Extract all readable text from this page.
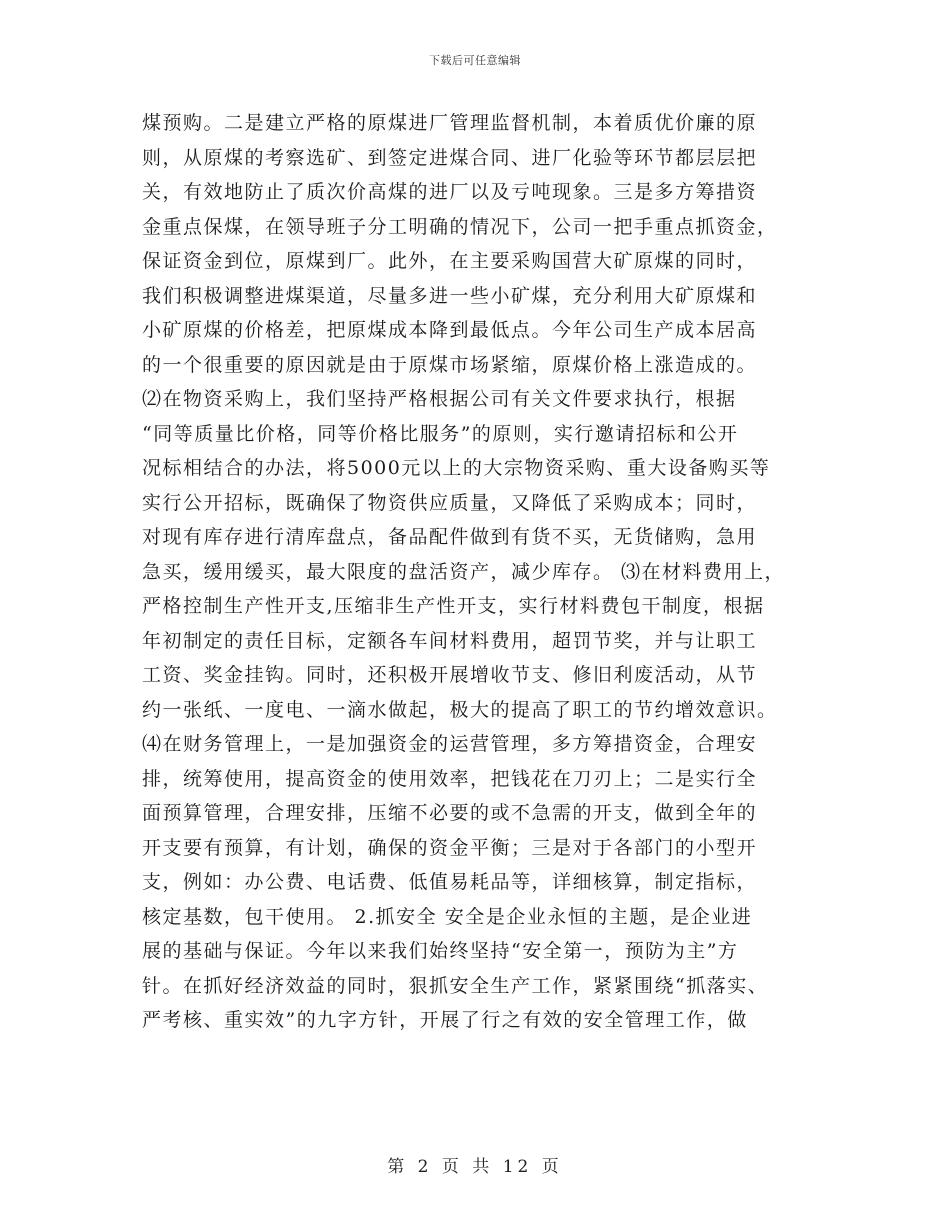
下载后可任意编辑
煤预购。二是建立严格的原煤进厂管理监督机制，本着质优价廉的原
则，从原煤的考察选矿、到签定进煤合同、进厂化验等环节都层层把
关，有效地防止了质次价高煤的进厂以及亏吨现象。三是多方筹措资
金重点保煤，在领导班子分工明确的情况下，公司一把手重点抓资金，
保证资金到位，原煤到厂。此外，在主要采购国营大矿原煤的同时，
我们积极调整进煤渠道，尽量多进一些小矿煤，充分利用大矿原煤和
小矿原煤的价格差，把原煤成本降到最低点。今年公司生产成本居高
的一个很重要的原因就是由于原煤市场紧缩，原煤价格上涨造成的。
⑵在物资采购上，我们坚持严格根据公司有关文件要求执行，根据
“同等质量比价格，同等价格比服务”的原则，实行邀请招标和公开
况标相结合的办法，将5000元以上的大宗物资采购、重大设备购买等
实行公开招标，既确保了物资供应质量，又降低了采购成本；同时，
对现有库存进行清库盘点，备品配件做到有货不买，无货储购，急用
急买，缓用缓买，最大限度的盘活资产，减少库存。 ⑶在材料费用上，
严格控制生产性开支,压缩非生产性开支，实行材料费包干制度，根据
年初制定的责任目标，定额各车间材料费用，超罚节奖，并与让职工
工资、奖金挂钩。同时，还积极开展增收节支、修旧利废活动，从节
约一张纸、一度电、一滴水做起，极大的提高了职工的节约增效意识。
⑷在财务管理上，一是加强资金的运营管理，多方筹措资金，合理安
排，统筹使用，提高资金的使用效率，把钱花在刀刃上；二是实行全
面预算管理，合理安排，压缩不必要的或不急需的开支，做到全年的
开支要有预算，有计划，确保的资金平衡；三是对于各部门的小型开
支，例如：办公费、电话费、低值易耗品等，详细核算，制定指标，
核定基数，包干使用。 2.抓安全 安全是企业永恒的主题，是企业进
展的基础与保证。今年以来我们始终坚持“安全第一，预防为主”方
针。在抓好经济效益的同时，狠抓安全生产工作，紧紧围绕“抓落实、
严考核、重实效”的九字方针，开展了行之有效的安全管理工作，做
第 2 页 共 12 页
